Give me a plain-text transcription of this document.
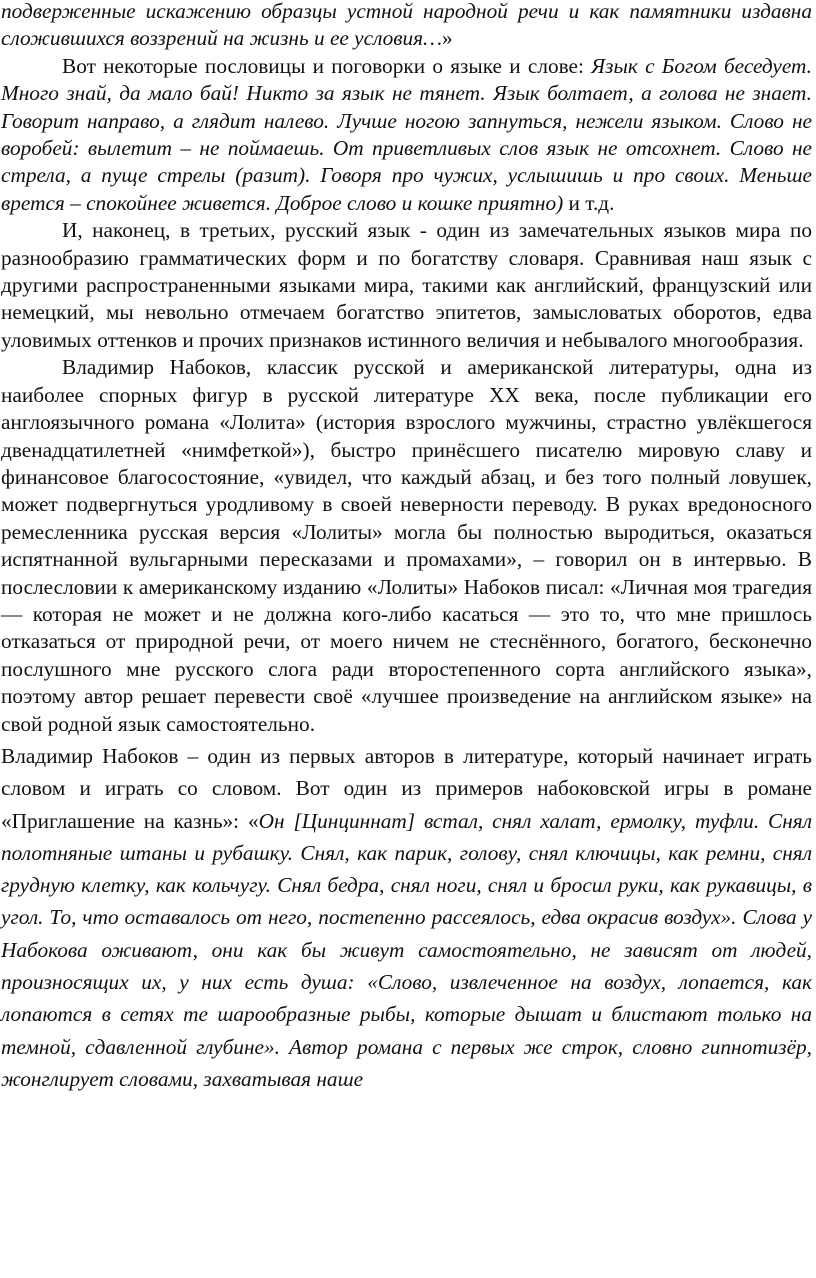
подверженные искажению образцы устной народной речи и как памятники издавна сложившихся воззрений на жизнь и ее условия…»

Вот некоторые пословицы и поговорки о языке и слове: Язык с Богом беседует. Много знай, да мало бай! Никто за язык не тянет. Язык болтает, а голова не знает. Говорит направо, а глядит налево. Лучше ногою запнуться, нежели языком. Слово не воробей: вылетит – не поймаешь. От приветливых слов язык не отсохнет. Слово не стрела, а пуще стрелы (разит). Говоря про чужих, услышишь и про своих. Меньше врется – спокойнее живется. Доброе слово и кошке приятно) и т.д.

И, наконец, в третьих, русский язык - один из замечательных языков мира по разнообразию грамматических форм и по богатству словаря. Сравнивая наш язык с другими распространенными языками мира, такими как английский, французский или немецкий, мы невольно отмечаем богатство эпитетов, замысловатых оборотов, едва уловимых оттенков и прочих признаков истинного величия и небывалого многообразия.

Владимир Набоков, классик русской и американской литературы, одна из наиболее спорных фигур в русской литературе XX века, после публикации его англоязычного романа «Лолита» (история взрослого мужчины, страстно увлёкшегося двенадцатилетней «нимфеткой»), быстро принёсшего писателю мировую славу и финансовое благосостояние, «увидел, что каждый абзац, и без того полный ловушек, может подвергнуться уродливому в своей неверности переводу. В руках вредоносного ремесленника русская версия «Лолиты» могла бы полностью выродиться, оказаться испятнанной вульгарными пересказами и промахами», – говорил он в интервью. В послесловии к американскому изданию «Лолиты» Набоков писал: «Личная моя трагедия — которая не может и не должна кого-либо касаться — это то, что мне пришлось отказаться от природной речи, от моего ничем не стеснённого, богатого, бесконечно послушного мне русского слога ради второстепенного сорта английского языка», поэтому автор решает перевести своё «лучшее произведение на английском языке» на свой родной язык самостоятельно.

Владимир Набоков – один из первых авторов в литературе, который начинает играть словом и играть со словом. Вот один из примеров набоковской игры в романе «Приглашение на казнь»: «Он [Цинциннат] встал, снял халат, ермолку, туфли. Снял полотняные штаны и рубашку. Снял, как парик, голову, снял ключицы, как ремни, снял грудную клетку, как кольчугу. Снял бедра, снял ноги, снял и бросил руки, как рукавицы, в угол. То, что оставалось от него, постепенно рассеялось, едва окрасив воздух». Слова у Набокова оживают, они как бы живут самостоятельно, не зависят от людей, произносящих их, у них есть душа: «Слово, извлеченное на воздух, лопается, как лопаются в сетях те шарообразные рыбы, которые дышат и блистают только на темной, сдавленной глубине». Автор романа с первых же строк, словно гипнотизёр, жонглирует словами, захватывая наше
